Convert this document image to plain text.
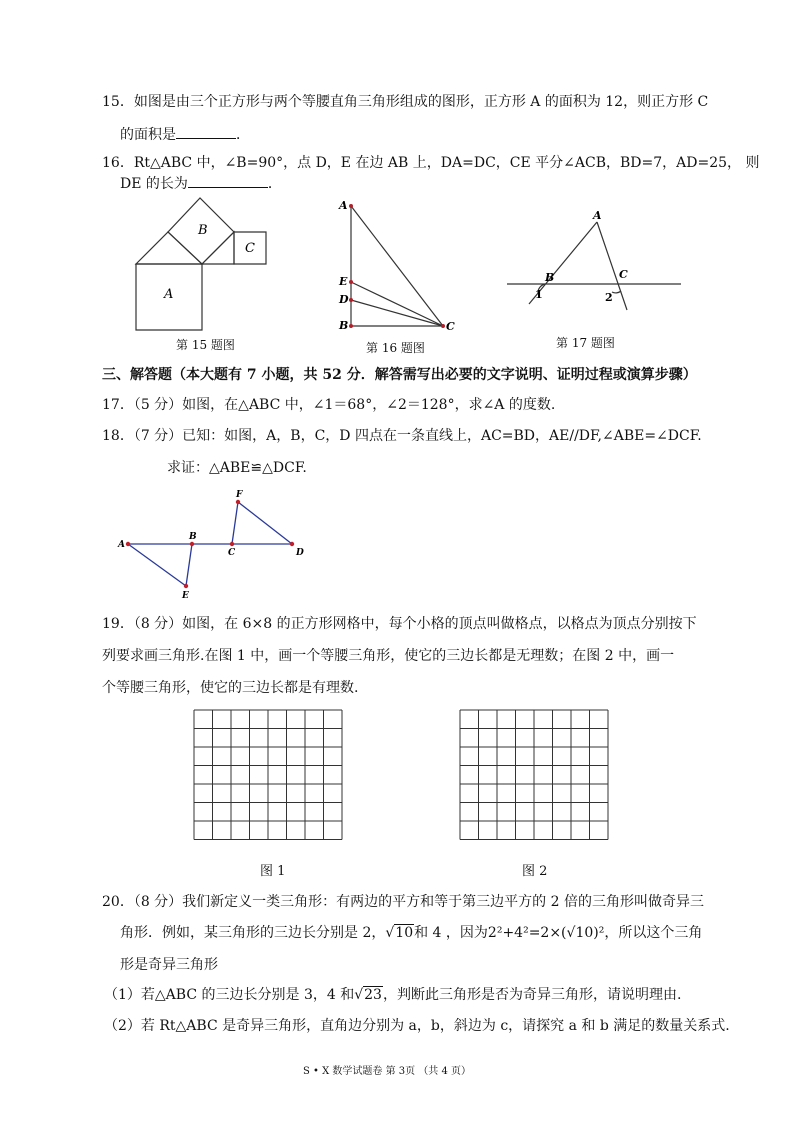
15．如图是由三个正方形与两个等腰直角三角形组成的图形，正方形 A 的面积为 12，则正方形 C
的面积是	．
16．Rt△ABC 中，∠B=90°，点 D，E 在边 AB 上，DA=DC，CE 平分∠ACB，BD=7，AD=25， 则
DE 的长为	．
A
B
C
第 15 题图
A
E
D
B	C
第 16 题图
A
B	C
1	2
第 17 题图
三、解答题（本大题有 7 小题，共 52 分．解答需写出必要的文字说明、证明过程或演算步骤）
17．（5 分）如图，在△ABC 中，∠1＝68°，∠2＝128°，求∠A 的度数.
18．（7 分）已知：如图，A，B，C，D 四点在一条直线上，AC=BD，AE//DF,∠ABE=∠DCF.
求证：△ABE≌△DCF.
A
B
C	D
E
F
19．（8 分）如图，在 6×8 的正方形网格中，每个小格的顶点叫做格点，以格点为顶点分别按下
列要求画三角形.在图 1 中，画一个等腰三角形，使它的三边长都是无理数；在图 2 中，画一
个等腰三角形，使它的三边长都是有理数.
图 1	图 2
20．（8 分）我们新定义一类三角形：有两边的平方和等于第三边平方的 2 倍的三角形叫做奇异三
角形．例如，某三角形的三边长分别是 2，√10和 4 ，因为2²+4²=2×(√10)²，所以这个三角
形是奇异三角形
（1）若△ABC 的三边长分别是 3，4 和√23，判断此三角形是否为奇异三角形，请说明理由.
（2）若 Rt△ABC 是奇异三角形，直角边分别为 a，b，斜边为 c，请探究 a 和 b 满足的数量关系式.
S • X 数学试题卷 第 3页 （共 4 页）
